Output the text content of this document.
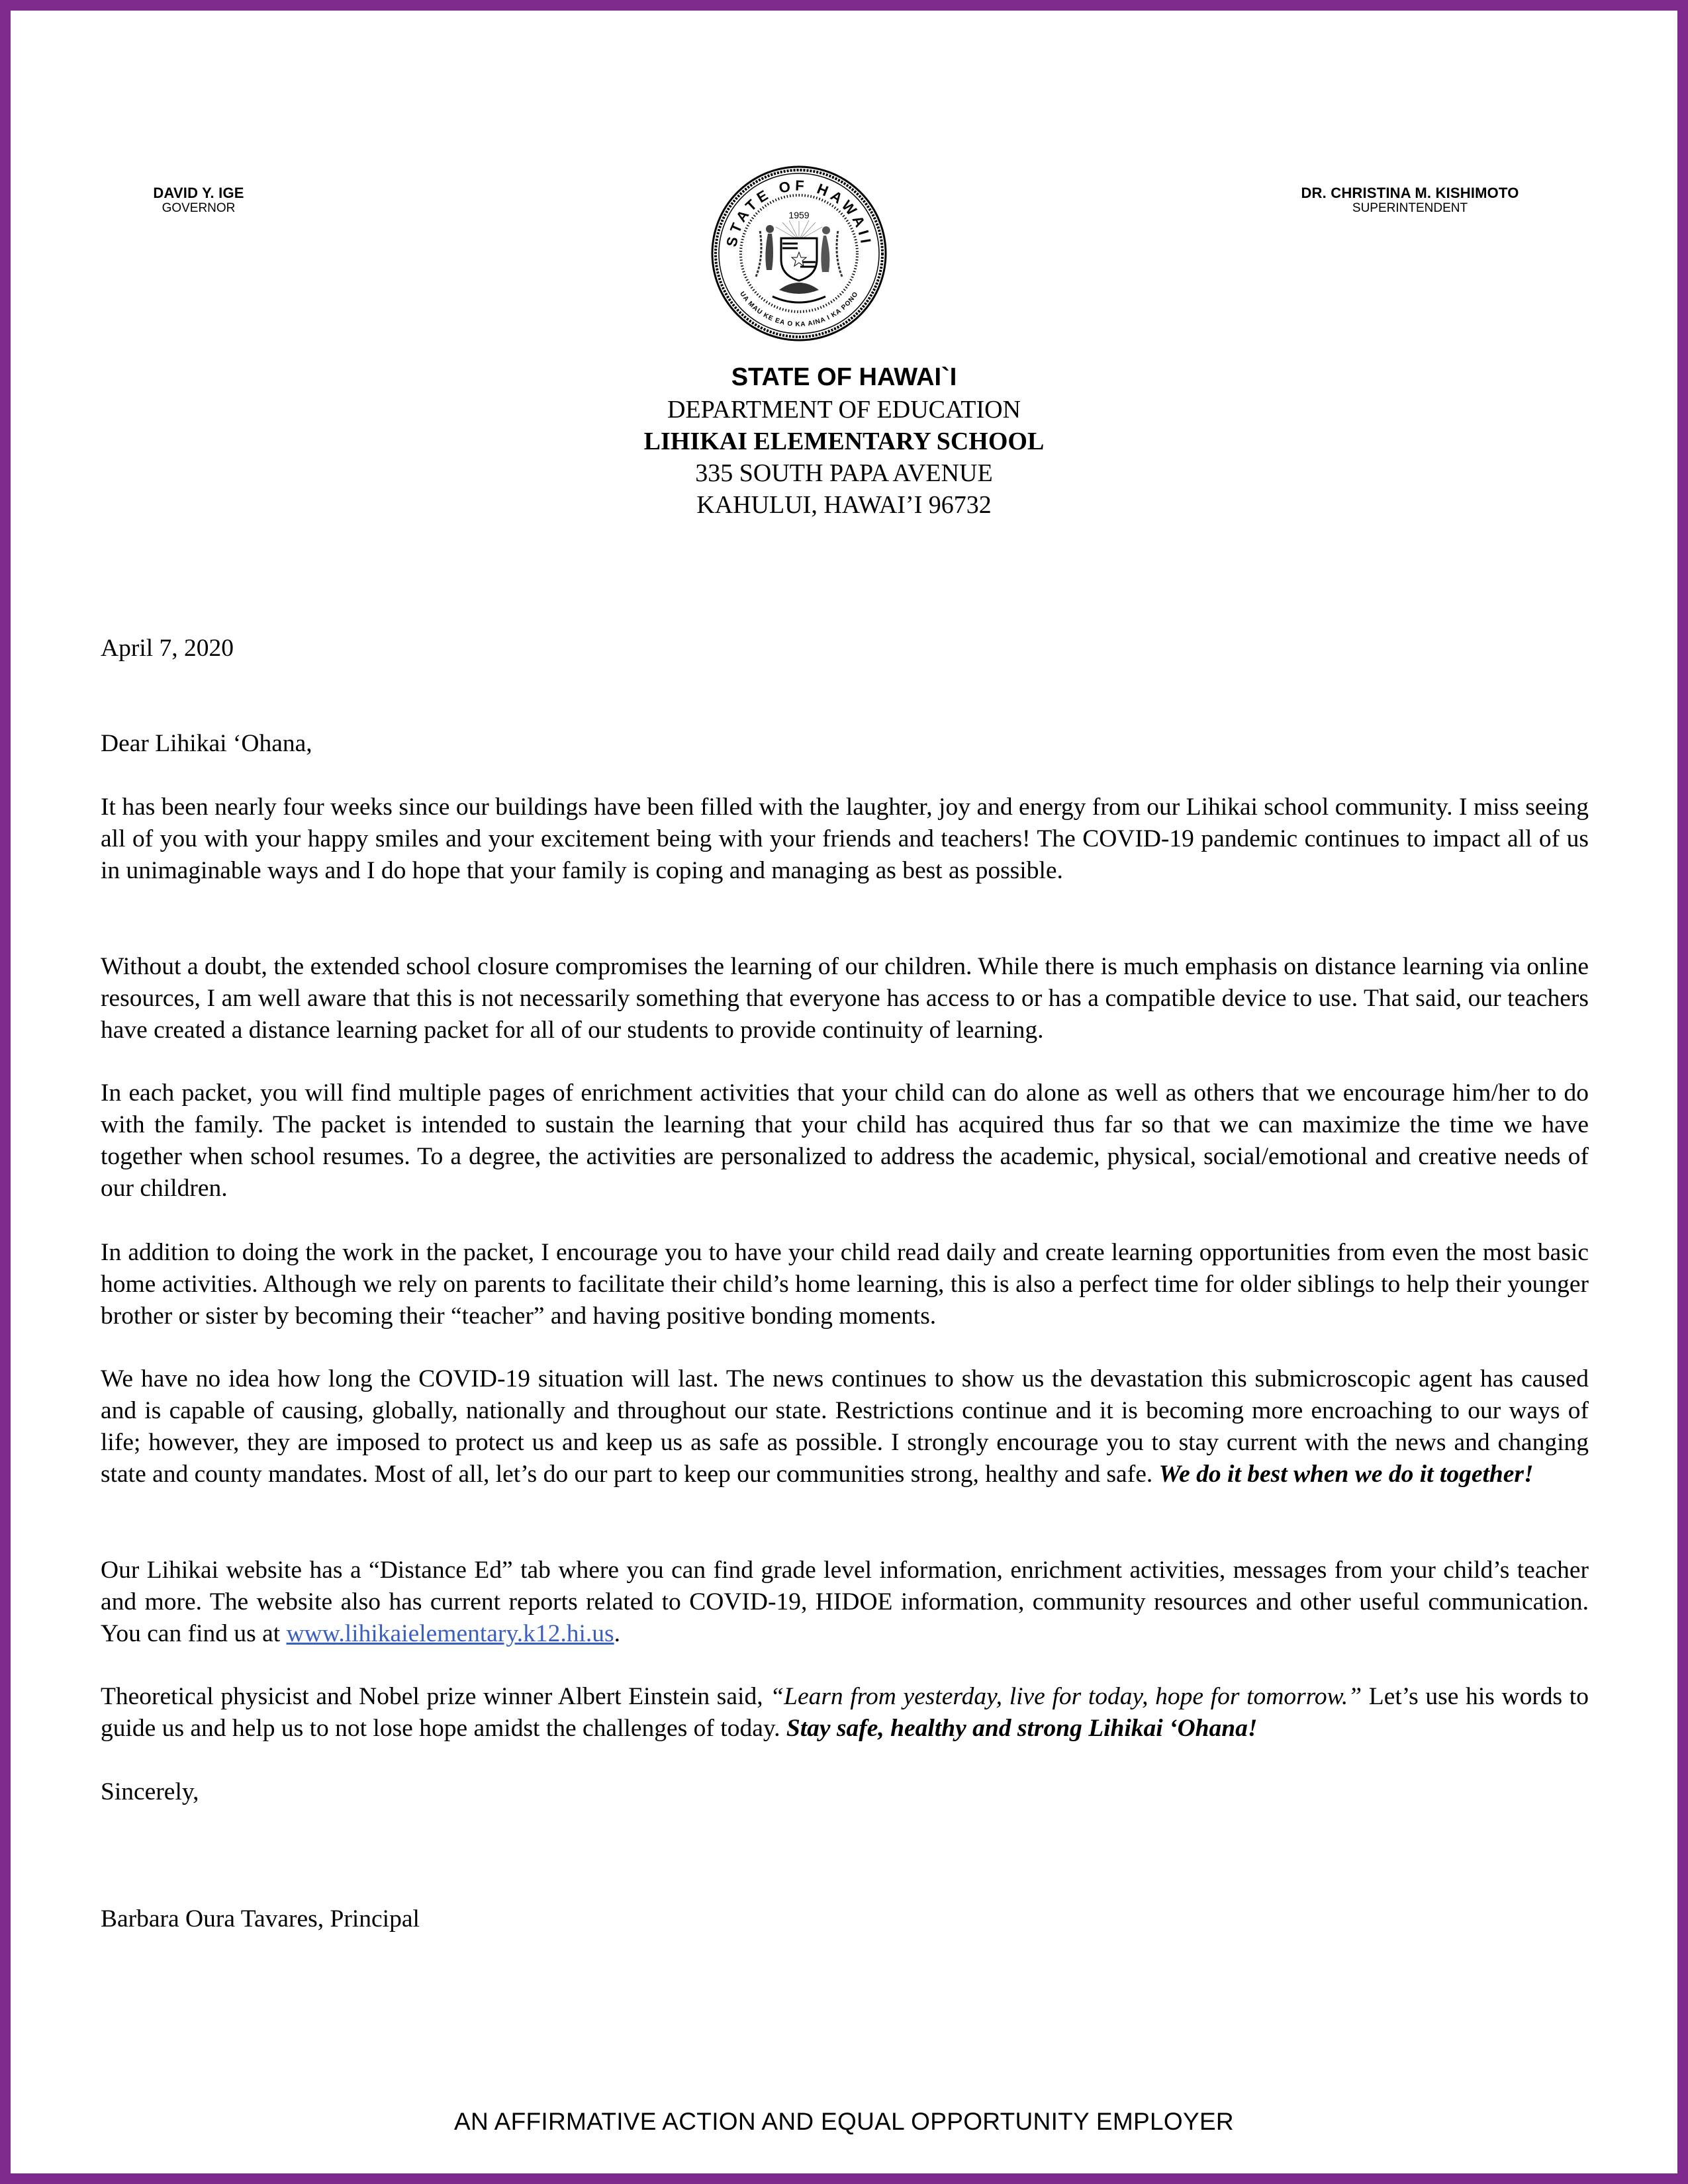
DAVID Y. IGE
GOVERNOR
STATE OF HAWAII
UA MAU KE EA O KA AINA I KA PONO
1959
DR. CHRISTINA M. KISHIMOTO
SUPERINTENDENT
STATE OF HAWAI`I
DEPARTMENT OF EDUCATION
LIHIKAI ELEMENTARY SCHOOL
335 SOUTH PAPA AVENUE
KAHULUI, HAWAI’I 96732

April 7, 2020

Dear Lihikai ‘Ohana,

It has been nearly four weeks since our buildings have been filled with the laughter, joy and energy from our Lihikai school community. I miss seeing all of you with your happy smiles and your excitement being with your friends and teachers! The COVID-19 pandemic continues to impact all of us in unimaginable ways and I do hope that your family is coping and managing as best as possible.

Without a doubt, the extended school closure compromises the learning of our children. While there is much emphasis on distance learning via online resources, I am well aware that this is not necessarily something that everyone has access to or has a compatible device to use. That said, our teachers have created a distance learning packet for all of our students to provide continuity of learning.

In each packet, you will find multiple pages of enrichment activities that your child can do alone as well as others that we encourage him/her to do with the family. The packet is intended to sustain the learning that your child has acquired thus far so that we can maximize the time we have together when school resumes. To a degree, the activities are personalized to address the academic, physical, social/emotional and creative needs of our children.

In addition to doing the work in the packet, I encourage you to have your child read daily and create learning opportunities from even the most basic home activities. Although we rely on parents to facilitate their child’s home learning, this is also a perfect time for older siblings to help their younger brother or sister by becoming their “teacher” and having positive bonding moments.

We have no idea how long the COVID-19 situation will last. The news continues to show us the devastation this submicroscopic agent has caused and is capable of causing, globally, nationally and throughout our state. Restrictions continue and it is becoming more encroaching to our ways of life; however, they are imposed to protect us and keep us as safe as possible. I strongly encourage you to stay current with the news and changing state and county mandates. Most of all, let’s do our part to keep our communities strong, healthy and safe. We do it best when we do it together!

Our Lihikai website has a “Distance Ed” tab where you can find grade level information, enrichment activities, messages from your child’s teacher and more. The website also has current reports related to COVID-19, HIDOE information, community resources and other useful communication. You can find us at www.lihikaielementary.k12.hi.us.

Theoretical physicist and Nobel prize winner Albert Einstein said, “Learn from yesterday, live for today, hope for tomorrow.” Let’s use his words to guide us and help us to not lose hope amidst the challenges of today. Stay safe, healthy and strong Lihikai ‘Ohana!

Sincerely,

Barbara Oura Tavares, Principal

AN AFFIRMATIVE ACTION AND EQUAL OPPORTUNITY EMPLOYER
